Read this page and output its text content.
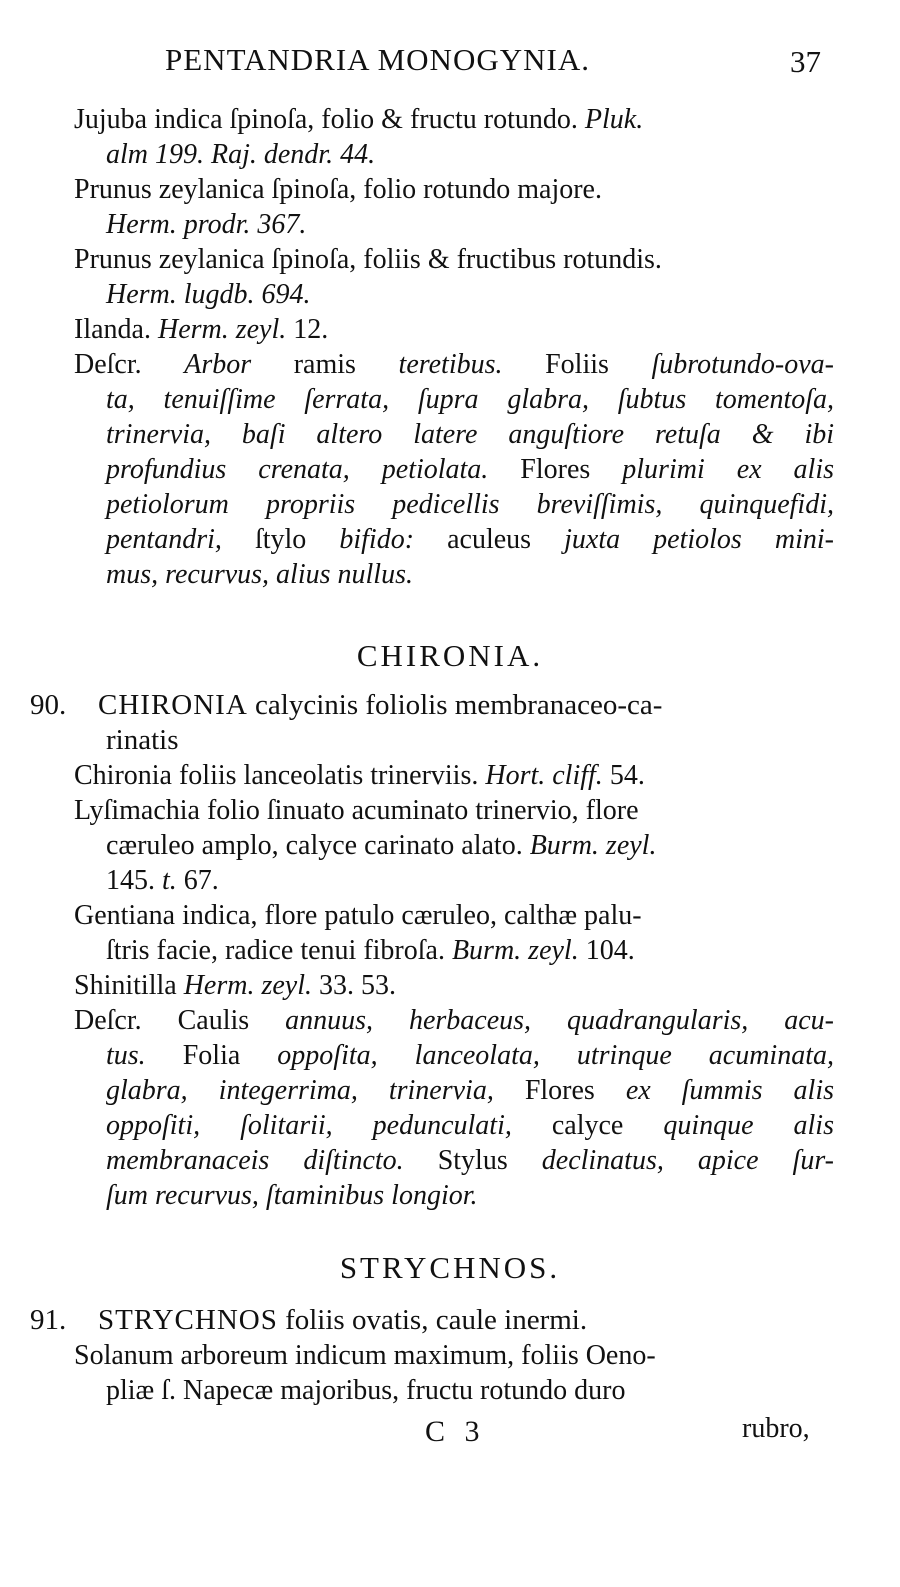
PENTANDRIA MONOGYNIA.	37
Jujuba indica ſpinoſa, folio & fructu rotundo. Pluk.
alm 199. Raj. dendr. 44.
Prunus zeylanica ſpinoſa, folio rotundo majore.
Herm. prodr. 367.
Prunus zeylanica ſpinoſa, foliis & fructibus rotundis.
Herm. lugdb. 694.
Ilanda. Herm. zeyl. 12.
Deſcr. Arbor ramis teretibus. Foliis ſubrotundo-ova-
ta, tenuiſſime ſerrata, ſupra glabra, ſubtus tomentoſa,
trinervia, baſi altero latere anguſtiore retuſa & ibi
profundius crenata, petiolata. Flores plurimi ex alis
petiolorum propriis pedicellis breviſſimis, quinquefidi,
pentandri, ſtylo bifido: aculeus juxta petiolos mini-
mus, recurvus, alius nullus.
CHIRONIA.
90. CHIRONIA calycinis foliolis membranaceo-ca-
rinatis
Chironia foliis lanceolatis trinerviis. Hort. cliff. 54.
Lyſimachia folio ſinuato acuminato trinervio, flore
cæruleo amplo, calyce carinato alato. Burm. zeyl.
145. t. 67.
Gentiana indica, flore patulo cæruleo, calthæ palu-
ſtris facie, radice tenui fibroſa. Burm. zeyl. 104.
Shinitilla Herm. zeyl. 33. 53.
Deſcr. Caulis annuus, herbaceus, quadrangularis, acu-
tus. Folia oppoſita, lanceolata, utrinque acuminata,
glabra, integerrima, trinervia, Flores ex ſummis alis
oppoſiti, ſolitarii, pedunculati, calyce quinque alis
membranaceis diſtincto. Stylus declinatus, apice ſur-
ſum recurvus, ſtaminibus longior.
STRYCHNOS.
91. STRYCHNOS foliis ovatis, caule inermi.
Solanum arboreum indicum maximum, foliis Oeno-
pliæ ſ. Napecæ majoribus, fructu rotundo duro
C 3	rubro,
